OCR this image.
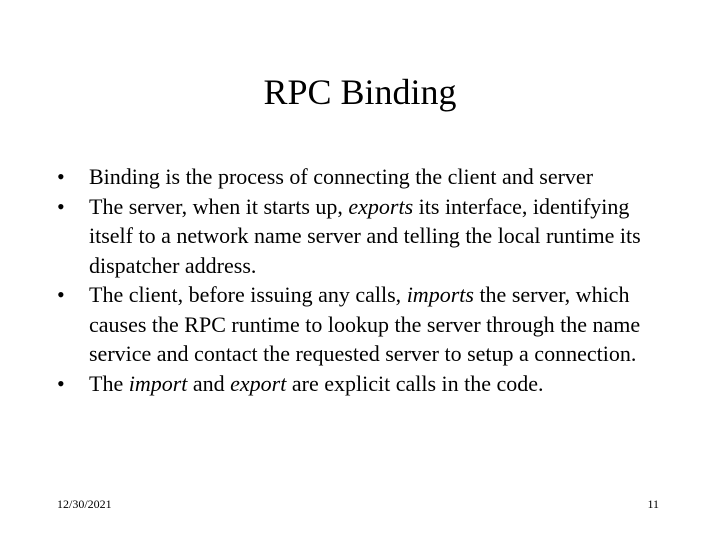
RPC Binding
• Binding is the process of connecting the client and server
• The server, when it starts up, exports its interface, identifying itself to a network name server and telling the local runtime its dispatcher address.
• The client, before issuing any calls, imports the server, which causes the RPC runtime to lookup the server through the name service and contact the requested server to setup a connection.
• The import and export are explicit calls in the code.
12/30/2021	11
